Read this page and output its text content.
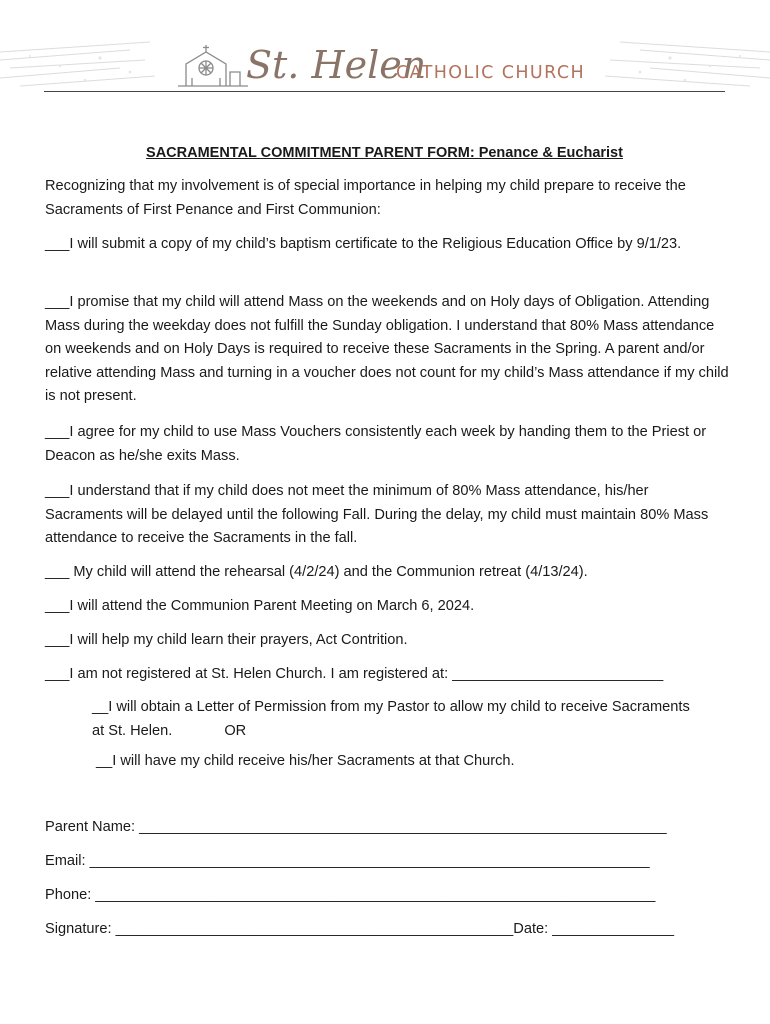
St. Helen
CATHOLIC CHURCH
SACRAMENTAL COMMITMENT PARENT FORM: Penance & Eucharist

Recognizing that my involvement is of special importance in helping my child prepare to receive the Sacraments of First Penance and First Communion:

___I will submit a copy of my child’s baptism certificate to the Religious Education Office by 9/1/23.

___I promise that my child will attend Mass on the weekends and on Holy days of Obligation. Attending Mass during the weekday does not fulfill the Sunday obligation. I understand that 80% Mass attendance on weekends and on Holy Days is required to receive these Sacraments in the Spring. A parent and/or relative attending Mass and turning in a voucher does not count for my child’s Mass attendance if my child is not present.

___I agree for my child to use Mass Vouchers consistently each week by handing them to the Priest or Deacon as he/she exits Mass.

___I understand that if my child does not meet the minimum of 80% Mass attendance, his/her Sacraments will be delayed until the following Fall. During the delay, my child must maintain 80% Mass attendance to receive the Sacraments in the fall.

___ My child will attend the rehearsal (4/2/24) and the Communion retreat (4/13/24).

___I will attend the Communion Parent Meeting on March 6, 2024.

___I will help my child learn their prayers, Act Contrition.

___I am not registered at St. Helen Church. I am registered at: __________________________

__I will obtain a Letter of Permission from my Pastor to allow my child to receive Sacraments at St. Helen.	OR

__I will have my child receive his/her Sacraments at that Church.

Parent Name: _________________________________________________________________
Email: _____________________________________________________________________
Phone: _____________________________________________________________________
Signature: _________________________________________________Date: _______________
